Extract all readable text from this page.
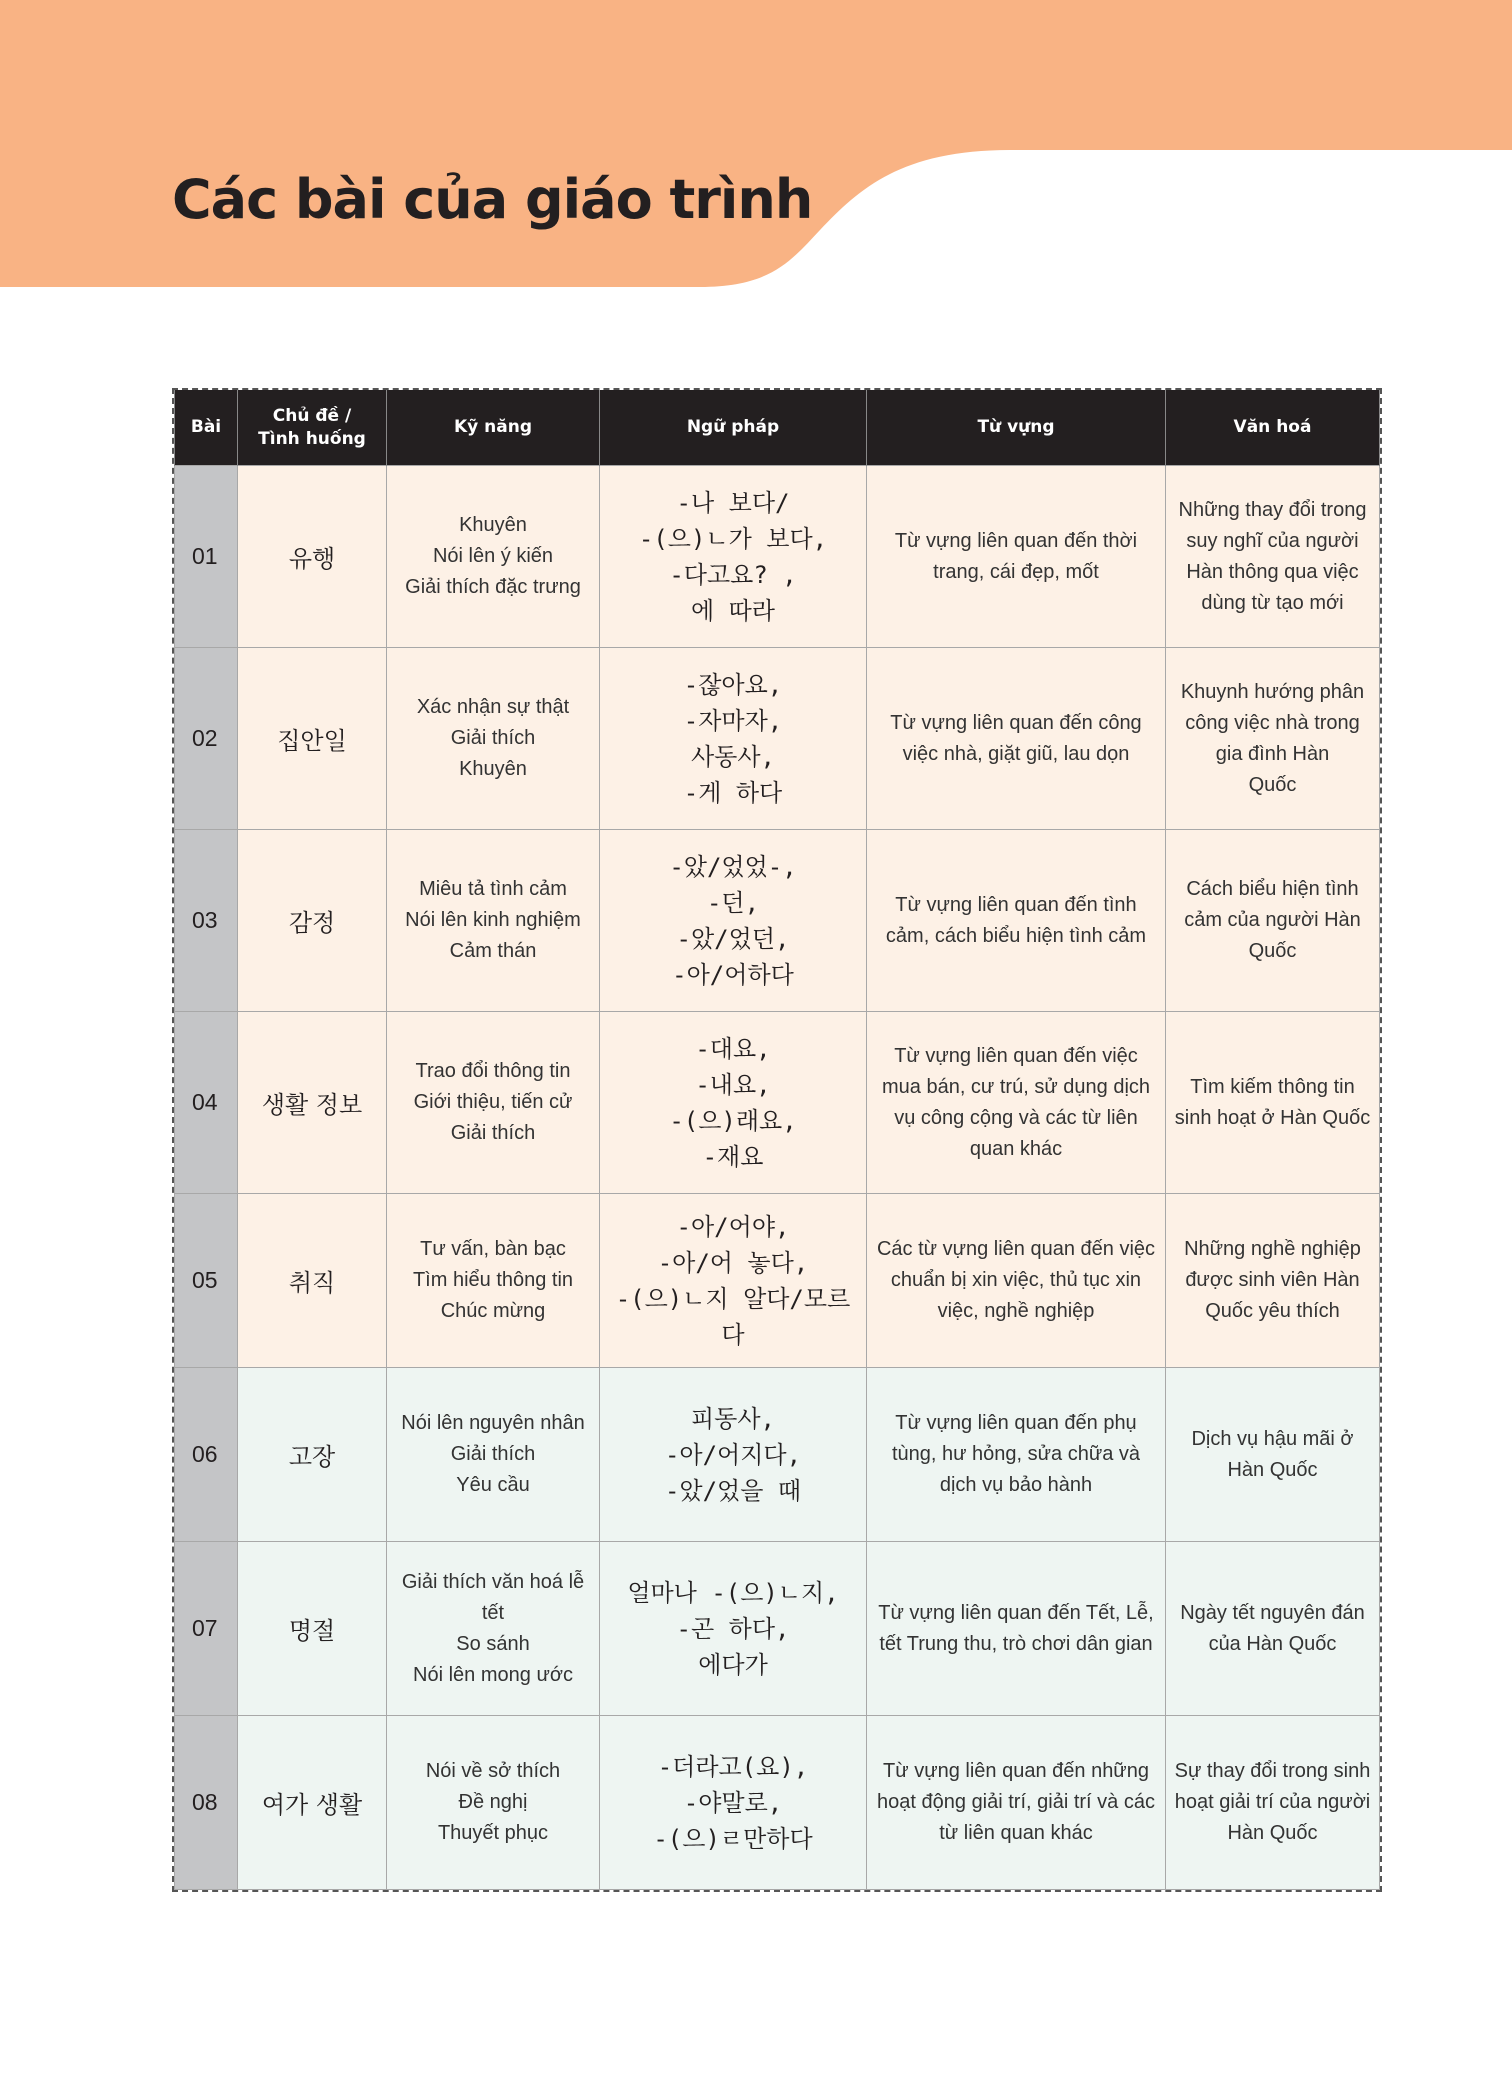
Các bài của giáo trình
Bài	Chủ đề /
Tình huống	Kỹ năng	Ngữ pháp	Từ vựng	Văn hoá
01	유행	Khuyên
Nói lên ý kiến
Giải thích đặc trưng	-나 보다/
-(으)ㄴ가 보다,
-다고요? ,
에 따라	Từ vựng liên quan đến thời
trang, cái đẹp, mốt	Những thay đổi trong
suy nghĩ của người
Hàn thông qua việc
dùng từ tạo mới

02	집안일	Xác nhận sự thật
Giải thích
Khuyên	-잖아요,
-자마자,
사동사,
-게 하다	Từ vựng liên quan đến công
việc nhà, giặt giũ, lau dọn	Khuynh hướng phân
công việc nhà trong
gia đình Hàn
Quốc

03	감정	Miêu tả tình cảm
Nói lên kinh nghiệm
Cảm thán	-았/었었-,
-던,
-았/었던,
-아/어하다	Từ vựng liên quan đến tình
cảm, cách biểu hiện tình cảm	Cách biểu hiện tình
cảm của người Hàn
Quốc

04	생활 정보	Trao đổi thông tin
Giới thiệu, tiến cử
Giải thích	-대요,
-내요,
-(으)래요,
-재요	Từ vựng liên quan đến việc
mua bán, cư trú, sử dụng dịch
vụ công cộng và các từ liên
quan khác	Tìm kiếm thông tin
sinh hoạt ở Hàn Quốc

05	취직	Tư vấn, bàn bạc
Tìm hiểu thông tin
Chúc mừng	-아/어야,
-아/어 놓다,
-(으)ㄴ지 알다/모르다	Các từ vựng liên quan đến việc
chuẩn bị xin việc, thủ tục xin
việc, nghề nghiệp	Những nghề nghiệp
được sinh viên Hàn
Quốc yêu thích

06	고장	Nói lên nguyên nhân
Giải thích
Yêu cầu	피동사,
-아/어지다,
-았/었을 때	Từ vựng liên quan đến phụ
tùng, hư hỏng, sửa chữa và
dịch vụ bảo hành	Dịch vụ hậu mãi ở
Hàn Quốc

07	명절	Giải thích văn hoá lễ
tết
So sánh
Nói lên mong ước	얼마나 -(으)ㄴ지,
-곤 하다,
에다가	Từ vựng liên quan đến Tết, Lễ,
tết Trung thu, trò chơi dân gian	Ngày tết nguyên đán
của Hàn Quốc

08	여가 생활	Nói về sở thích
Đề nghị
Thuyết phục	-더라고(요),
-야말로,
-(으)ㄹ만하다	Từ vựng liên quan đến những
hoạt động giải trí, giải trí và các
từ liên quan khác	Sự thay đổi trong sinh
hoạt giải trí của người
Hàn Quốc
